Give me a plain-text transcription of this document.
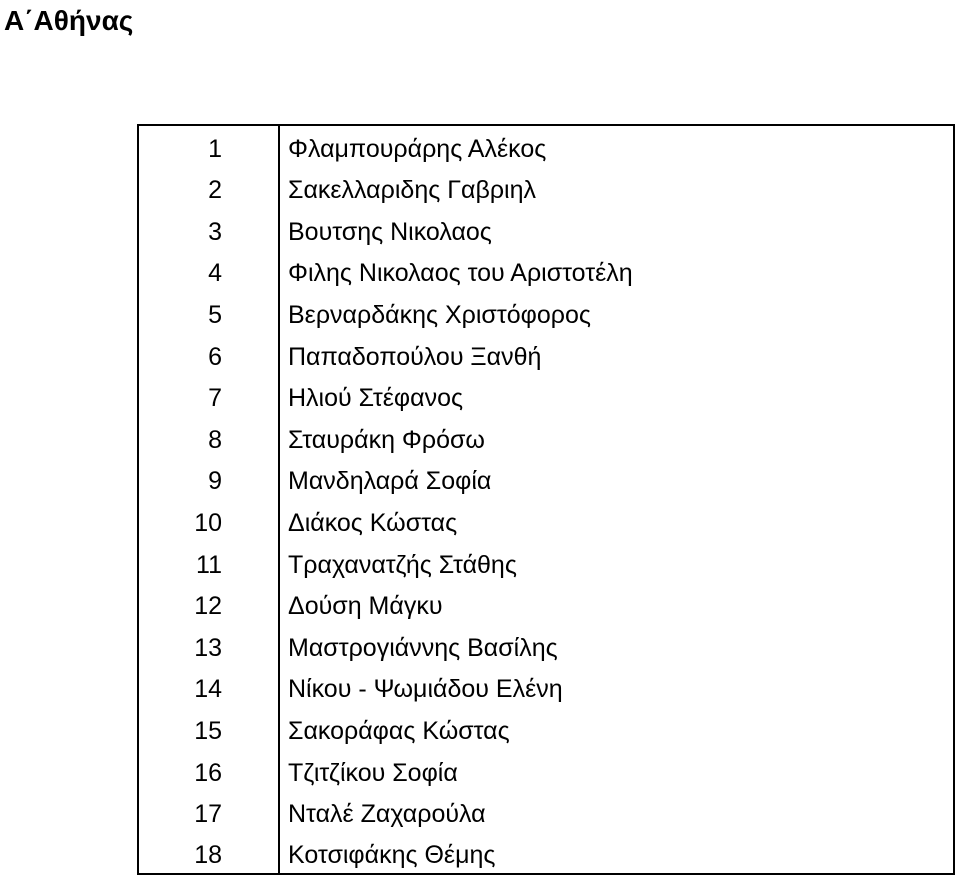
Α΄Αθήνας
1	Φλαμπουράρης Αλέκος
2	Σακελλαριδης Γαβριηλ
3	Βουτσης Νικολαος
4	Φιλης Νικολαος του Αριστοτέλη
5	Βερναρδάκης Χριστόφορος
6	Παπαδοπούλου Ξανθή
7	Ηλιού Στέφανος
8	Σταυράκη Φρόσω
9	Μανδηλαρά Σοφία
10	Διάκος Κώστας
11	Τραχανατζής Στάθης
12	Δούση Μάγκυ
13	Μαστρογιάννης Βασίλης
14	Νίκου - Ψωμιάδου Ελένη
15	Σακοράφας Κώστας
16	Τζιτζίκου Σοφία
17	Νταλέ Ζαχαρούλα
18	Κοτσιφάκης Θέμης
